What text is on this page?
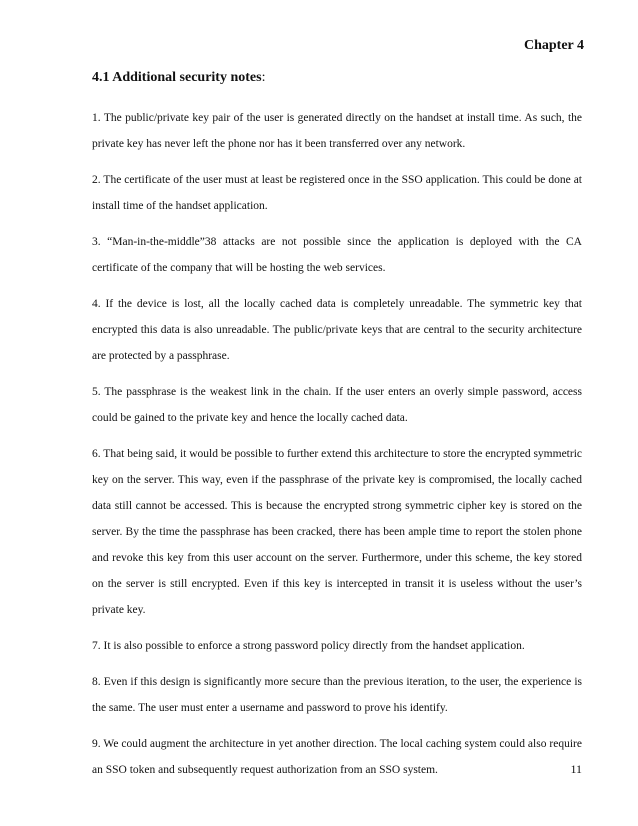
Chapter 4
4.1 Additional security notes:

1. The public/private key pair of the user is generated directly on the handset at install time. As such, the private key has never left the phone nor has it been transferred over any network.

2. The certificate of the user must at least be registered once in the SSO application. This could be done at install time of the handset application.

3. “Man-in-the-middle”38 attacks are not possible since the application is deployed with the CA certificate of the company that will be hosting the web services.

4. If the device is lost, all the locally cached data is completely unreadable. The symmetric key that encrypted this data is also unreadable. The public/private keys that are central to the security architecture are protected by a passphrase.

5. The passphrase is the weakest link in the chain. If the user enters an overly simple password, access could be gained to the private key and hence the locally cached data.

6. That being said, it would be possible to further extend this architecture to store the encrypted symmetric key on the server. This way, even if the passphrase of the private key is compromised, the locally cached data still cannot be accessed. This is because the encrypted strong symmetric cipher key is stored on the server. By the time the passphrase has been cracked, there has been ample time to report the stolen phone and revoke this key from this user account on the server. Furthermore, under this scheme, the key stored on the server is still encrypted. Even if this key is intercepted in transit it is useless without the user’s private key.

7. It is also possible to enforce a strong password policy directly from the handset application.

8. Even if this design is significantly more secure than the previous iteration, to the user, the experience is the same. The user must enter a username and password to prove his identify.

9. We could augment the architecture in yet another direction. The local caching system could also require an SSO token and subsequently request authorization from an SSO system.	11
